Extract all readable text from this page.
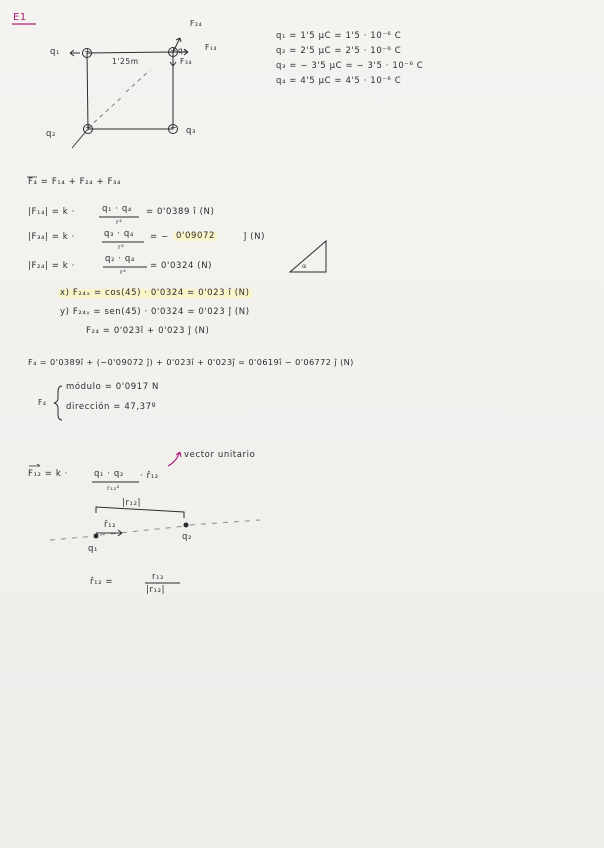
E1
q₁	+	+
+	−
F₂₄
q₄ F₁₄
F₃₄
1'25m
q₂	q₃
q₁ = 1'5 μC = 1'5 · 10⁻⁶ C
q₂ = 2'5 μC = 2'5 · 10⁻⁶ C
q₃ = − 3'5 μC = − 3'5 · 10⁻⁶ C
q₄ = 4'5 μC = 4'5 · 10⁻⁶ C
F₄ = F₁₄ + F₂₄ + F₃₄
|F₁₄| = k ·	q₁ · q₄
r²
= 0'0389 î (N)
|F₃₄| = k ·	q₃ · q₄
r²
= − 0'09072	ĵ (N)
|F₂₄| = k ·
q₂ · q₄
r²
= 0'0324 (N)	α
x) F₂₄ₓ = cos(45) · 0'0324 = 0'023 î (N)
y) F₂₄ᵧ = sen(45) · 0'0324 = 0'023 ĵ (N)
F₂₄ = 0'023î + 0'023 ĵ (N)
F₄ = 0'0389î + (−0'09072 ĵ) + 0'023î + 0'023ĵ = 0'0619î − 0'06772 ĵ (N)
F₄
módulo = 0'0917 N
dirección = 47,37º
F₁₂ = k ·	q₁ · q₂
r₁₂²
· r̂₁₂
vector unitario
|r₁₂|
r̂₁₂
q₁
q₂
r̂₁₂ =	r₁₂
|r₁₂|
